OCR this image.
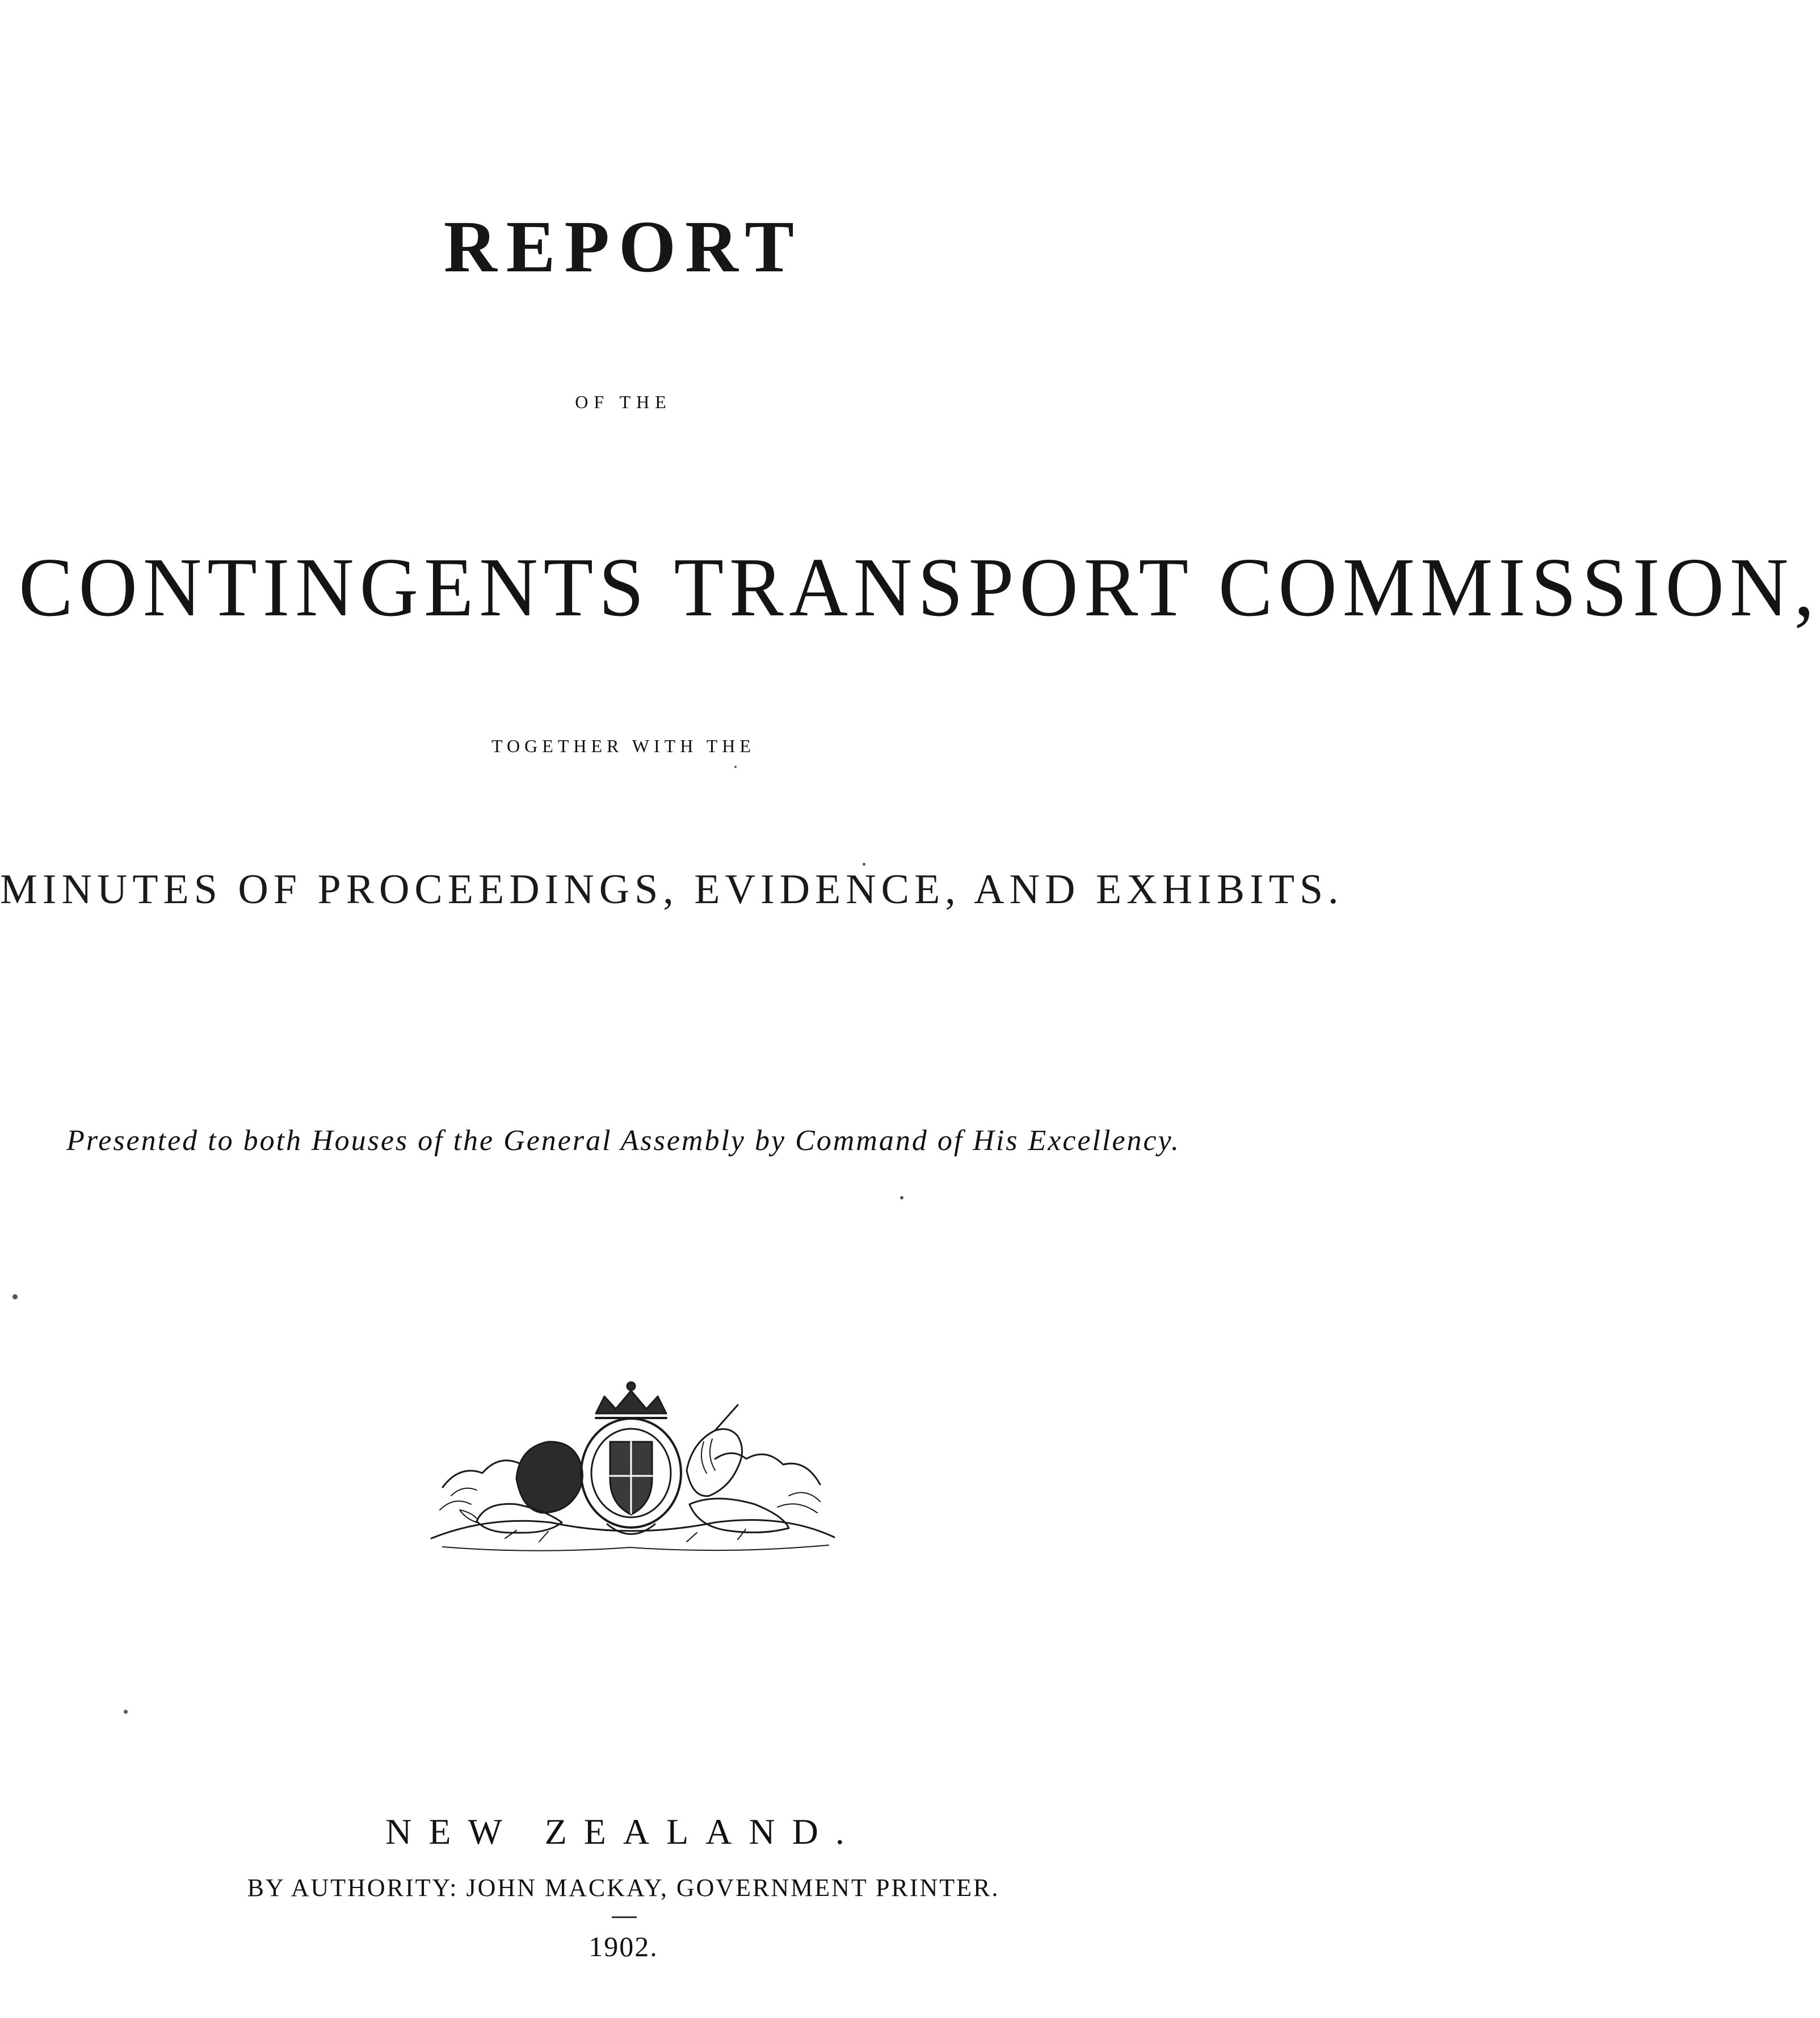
REPORT
OF THE
CONTINGENTS TRANSPORT COMMISSION,
TOGETHER WITH THE
MINUTES OF PROCEEDINGS, EVIDENCE, AND EXHIBITS.
Presented to both Houses of the General Assembly by Command of His Excellency.
NEW ZEALAND.
BY AUTHORITY: JOHN MACKAY, GOVERNMENT PRINTER.
1902.
